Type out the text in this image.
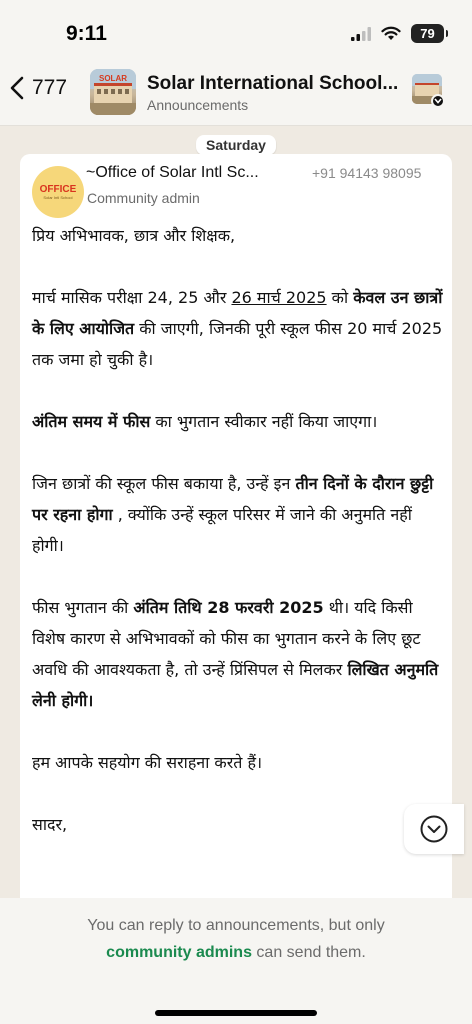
9:11	79
777	SOLAR Solar International School...
Announcements
Saturday
OFFICE
Solar Intl School
~Office of Solar Intl Sc...	+91 94143 98095
Community admin

प्रिय अभिभावक, छात्र और शिक्षक,

मार्च मासिक परीक्षा 24, 25 और 26 मार्च 2025 को केवल उन छात्रों के लिए आयोजित की जाएगी, जिनकी पूरी स्कूल फीस 20 मार्च 2025 तक जमा हो चुकी है।

अंतिम समय में फीस का भुगतान स्वीकार नहीं किया जाएगा।

जिन छात्रों की स्कूल फीस बकाया है, उन्हें इन तीन दिनों के दौरान छुट्टी पर रहना होगा , क्योंकि उन्हें स्कूल परिसर में जाने की अनुमति नहीं होगी।

फीस भुगतान की अंतिम तिथि 28 फरवरी 2025 थी। यदि किसी विशेष कारण से अभिभावकों को फीस का भुगतान करने के लिए छूट अवधि की आवश्यकता है, तो उन्हें प्रिंसिपल से मिलकर लिखित अनुमति लेनी होगी।

हम आपके सहयोग की सराहना करते हैं।

सादर,

You can reply to announcements, but only
community admins can send them.
